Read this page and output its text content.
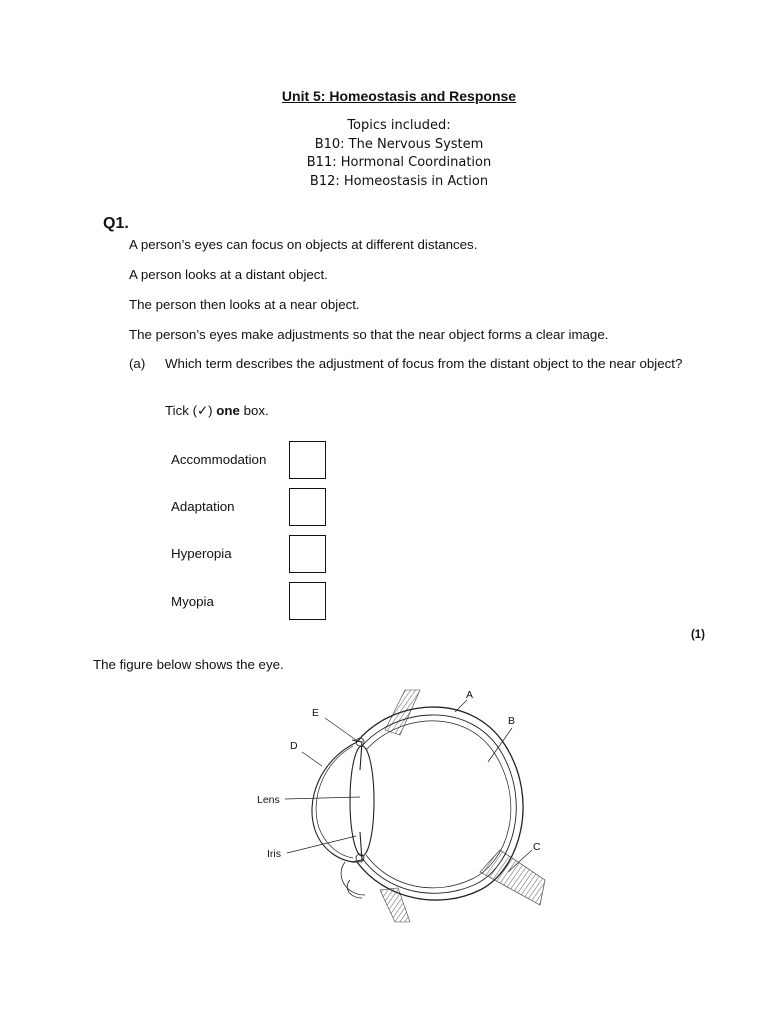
Unit 5: Homeostasis and Response
Topics included:
B10: The Nervous System
B11: Hormonal Coordination
B12: Homeostasis in Action
Q1.
A person’s eyes can focus on objects at different distances.
A person looks at a distant object.
The person then looks at a near object.
The person’s eyes make adjustments so that the near object forms a clear image.
(a) Which term describes the adjustment of focus from the distant object to the near object?
Tick (✓) one box.
Accommodation
Adaptation
Hyperopia
Myopia
(1)
The figure below shows the eye.
A
B
C
D
E
Lens
Iris
